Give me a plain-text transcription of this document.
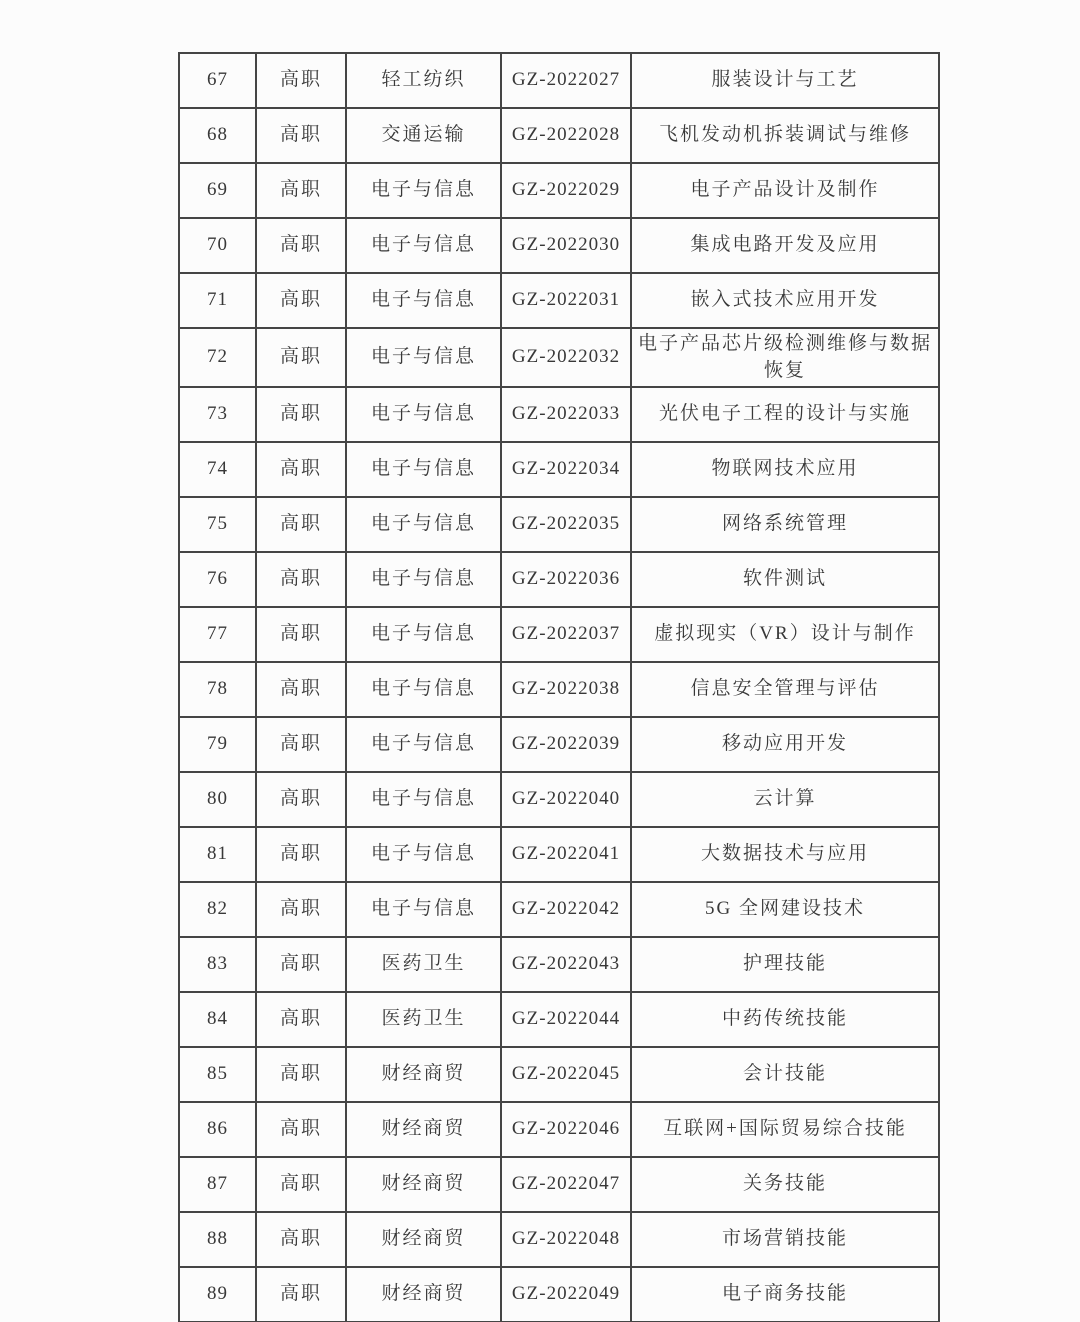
67	高职	轻工纺织	GZ-2022027	服装设计与工艺
68	高职	交通运输	GZ-2022028	飞机发动机拆装调试与维修
69	高职	电子与信息	GZ-2022029	电子产品设计及制作
70	高职	电子与信息	GZ-2022030	集成电路开发及应用
71	高职	电子与信息	GZ-2022031	嵌入式技术应用开发
72	高职	电子与信息	GZ-2022032	电子产品芯片级检测维修与数据恢复
73	高职	电子与信息	GZ-2022033	光伏电子工程的设计与实施
74	高职	电子与信息	GZ-2022034	物联网技术应用
75	高职	电子与信息	GZ-2022035	网络系统管理
76	高职	电子与信息	GZ-2022036	软件测试
77	高职	电子与信息	GZ-2022037	虚拟现实（VR）设计与制作
78	高职	电子与信息	GZ-2022038	信息安全管理与评估
79	高职	电子与信息	GZ-2022039	移动应用开发
80	高职	电子与信息	GZ-2022040	云计算
81	高职	电子与信息	GZ-2022041	大数据技术与应用
82	高职	电子与信息	GZ-2022042	5G 全网建设技术
83	高职	医药卫生	GZ-2022043	护理技能
84	高职	医药卫生	GZ-2022044	中药传统技能
85	高职	财经商贸	GZ-2022045	会计技能
86	高职	财经商贸	GZ-2022046	互联网+国际贸易综合技能
87	高职	财经商贸	GZ-2022047	关务技能
88	高职	财经商贸	GZ-2022048	市场营销技能
89	高职	财经商贸	GZ-2022049	电子商务技能
